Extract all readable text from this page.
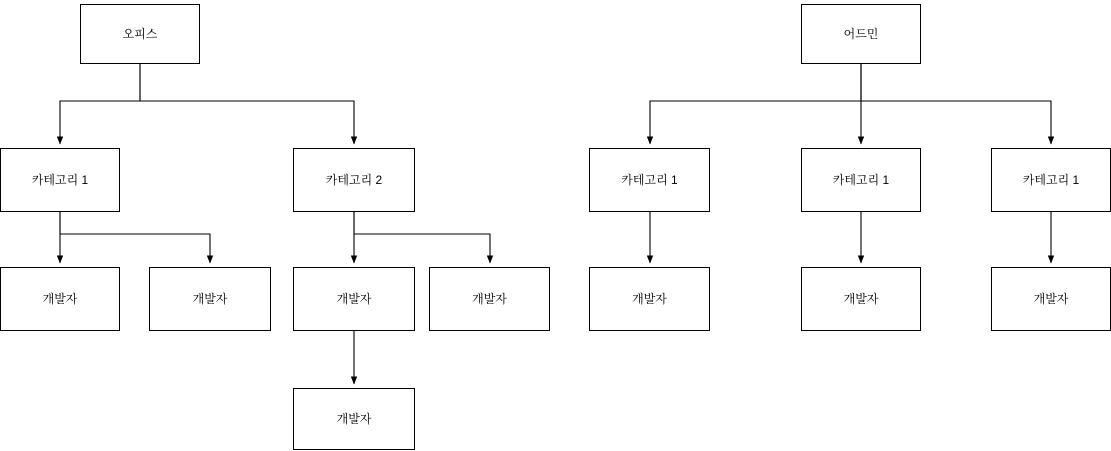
오피스	어드민
카테고리 1	카테고리 2	카테고리 1	카테고리 1	카테고리 1
개발자	개발자	개발자	개발자	개발자	개발자	개발자
개발자
